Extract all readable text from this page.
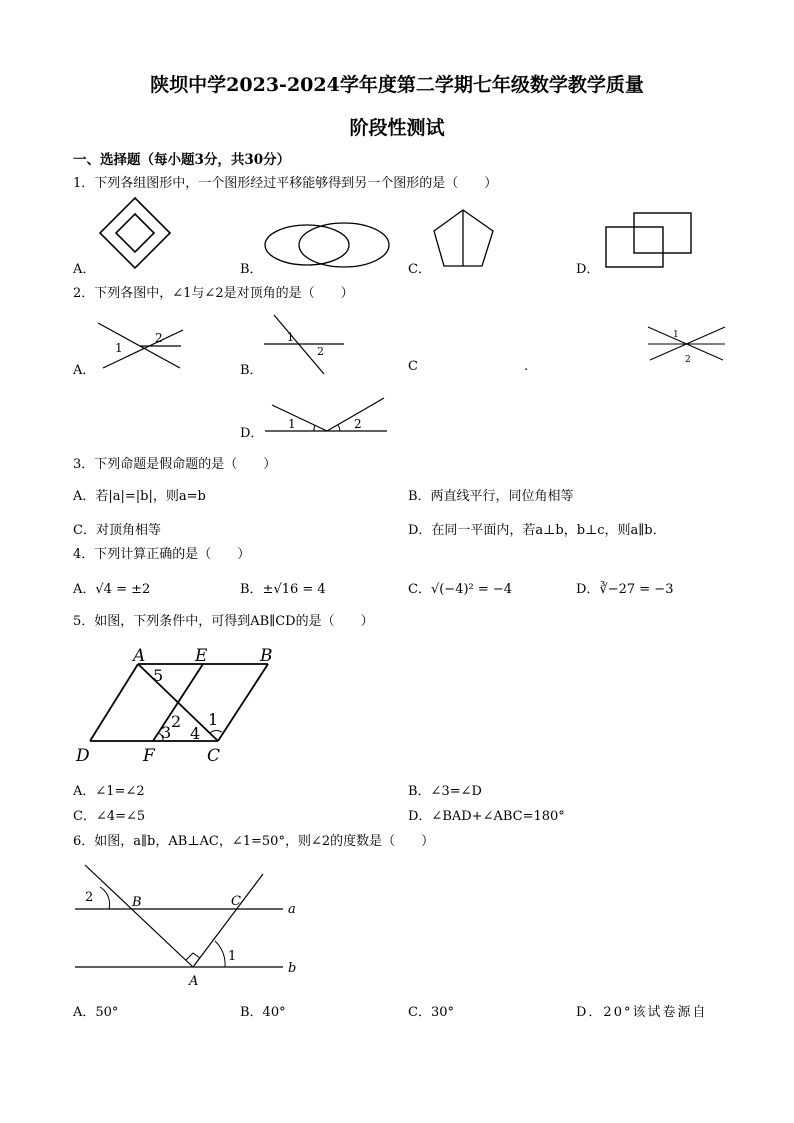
陕坝中学2023-2024学年度第二学期七年级数学教学质量
阶段性测试
一、选择题（每小题3分，共30分）
1．下列各组图形中，一个图形经过平移能够得到另一个图形的是（　　）
A．	B．	C．	D．
2．下列各图中，∠1与∠2是对顶角的是（　　）
1
2
A．
1
2
B．	C	.
1
2
1	2
D．
3．下列命题是假命题的是（　　）
A．若|a|=|b|，则a=b	B．两直线平行，同位角相等
C．对顶角相等	D．在同一平面内，若a⊥b，b⊥c，则a∥b．
4．下列计算正确的是（　　）
A．√4 = ±2	B．±√16 = 4	C．√(−4)² = −4	D．∛−27 = −3
5．如图，下列条件中，可得到AB∥CD的是（　　）
A	E	B
D	F	C
1
2
3 4
5
A．∠1=∠2	B．∠3=∠D
C．∠4=∠5	D．∠BAD+∠ABC=180°
6．如图，a∥b，AB⊥AC，∠1=50°，则∠2的度数是（　　）
2	B	C
a
1
b
A
A．50°	B．40°	C．30°	D．20°该试卷源自
